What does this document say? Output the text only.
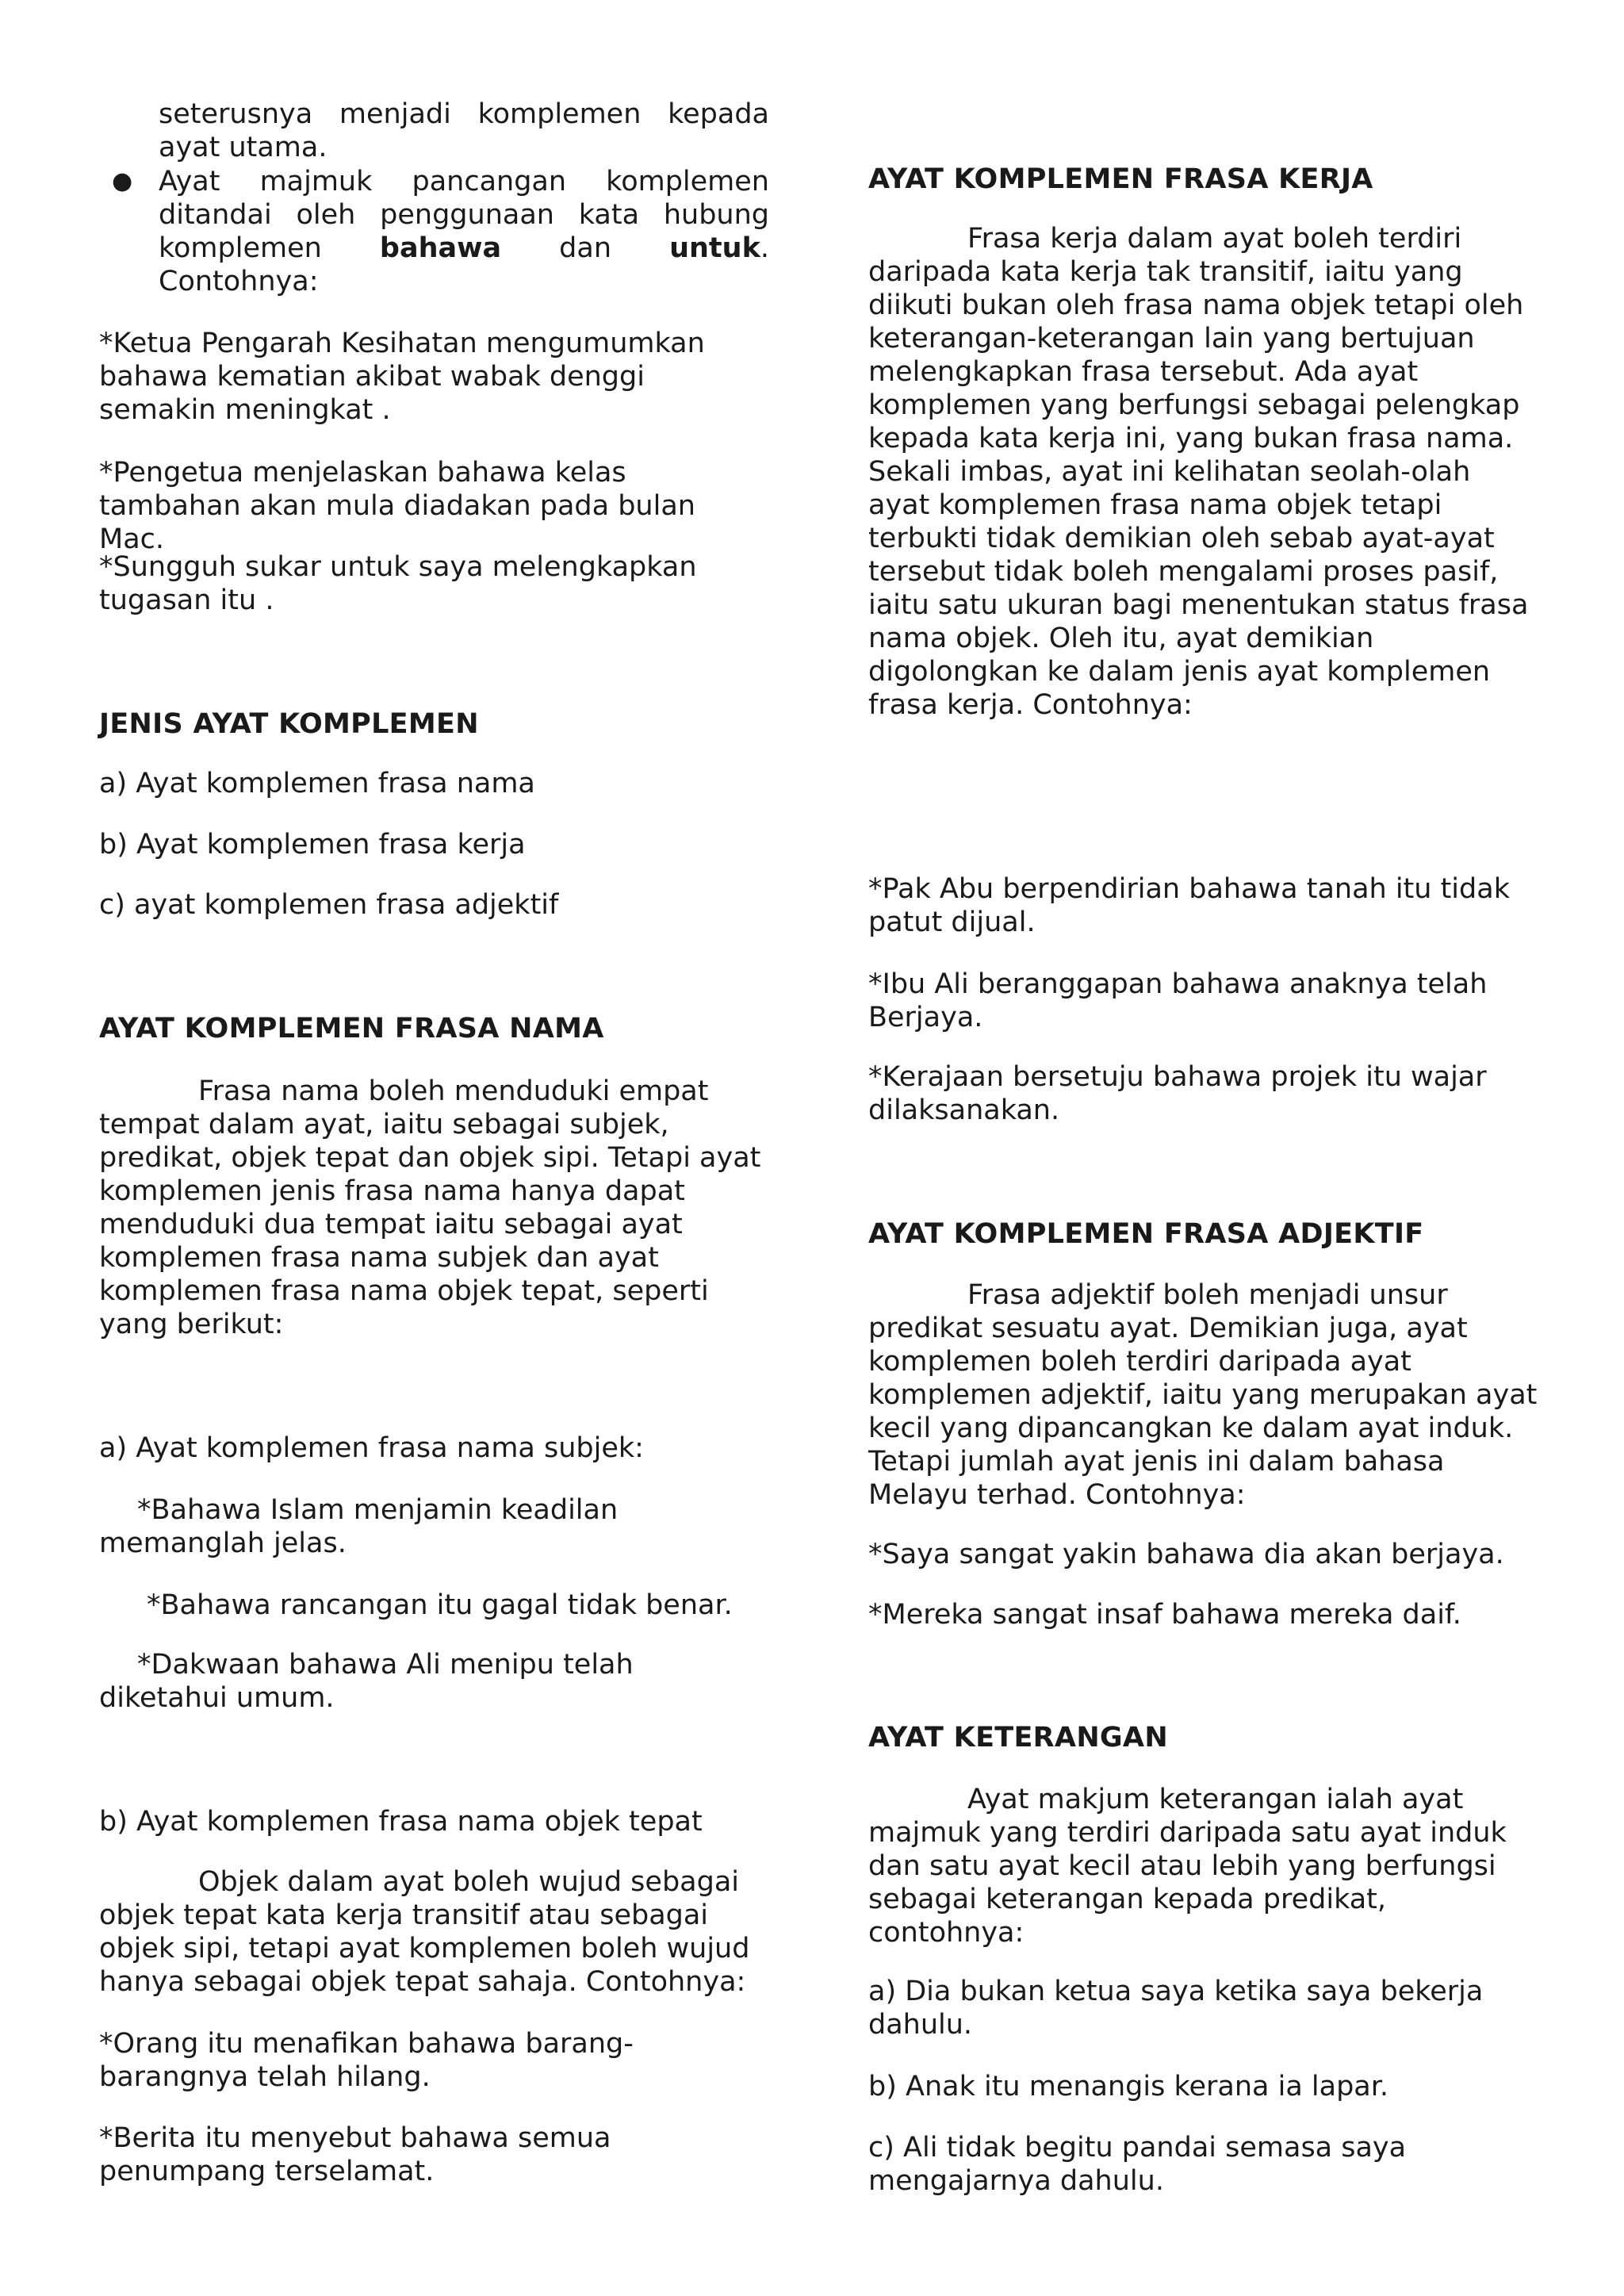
seterusnya menjadi komplemen kepada ayat utama.

● Ayat majmuk pancangan komplemen ditandai oleh penggunaan kata hubung komplemen bahawa dan untuk. Contohnya:

*Ketua Pengarah Kesihatan mengumumkan bahawa kematian akibat wabak denggi semakin meningkat .

*Pengetua menjelaskan bahawa kelas tambahan akan mula diadakan pada bulan Mac.

*Sungguh sukar untuk saya melengkapkan tugasan itu .

JENIS AYAT KOMPLEMEN

a) Ayat komplemen frasa nama

b) Ayat komplemen frasa kerja

c) ayat komplemen frasa adjektif

AYAT KOMPLEMEN FRASA NAMA

Frasa nama boleh menduduki empat tempat dalam ayat, iaitu sebagai subjek, predikat, objek tepat dan objek sipi. Tetapi ayat komplemen jenis frasa nama hanya dapat menduduki dua tempat iaitu sebagai ayat komplemen frasa nama subjek dan ayat komplemen frasa nama objek tepat, seperti yang berikut:

a) Ayat komplemen frasa nama subjek:

*Bahawa Islam menjamin keadilan memanglah jelas.

*Bahawa rancangan itu gagal tidak benar.

*Dakwaan bahawa Ali menipu telah diketahui umum.

b) Ayat komplemen frasa nama objek tepat

Objek dalam ayat boleh wujud sebagai objek tepat kata kerja transitif atau sebagai objek sipi, tetapi ayat komplemen boleh wujud hanya sebagai objek tepat sahaja. Contohnya:

*Orang itu menafikan bahawa barang-barangnya telah hilang.

*Berita itu menyebut bahawa semua penumpang terselamat.

AYAT KOMPLEMEN FRASA KERJA

Frasa kerja dalam ayat boleh terdiri daripada kata kerja tak transitif, iaitu yang diikuti bukan oleh frasa nama objek tetapi oleh keterangan-keterangan lain yang bertujuan melengkapkan frasa tersebut. Ada ayat komplemen yang berfungsi sebagai pelengkap kepada kata kerja ini, yang bukan frasa nama. Sekali imbas, ayat ini kelihatan seolah-olah ayat komplemen frasa nama objek tetapi terbukti tidak demikian oleh sebab ayat-ayat tersebut tidak boleh mengalami proses pasif, iaitu satu ukuran bagi menentukan status frasa nama objek. Oleh itu, ayat demikian digolongkan ke dalam jenis ayat komplemen frasa kerja. Contohnya:

*Pak Abu berpendirian bahawa tanah itu tidak patut dijual.

*Ibu Ali beranggapan bahawa anaknya telah Berjaya.

*Kerajaan bersetuju bahawa projek itu wajar dilaksanakan.

AYAT KOMPLEMEN FRASA ADJEKTIF

Frasa adjektif boleh menjadi unsur predikat sesuatu ayat. Demikian juga, ayat komplemen boleh terdiri daripada ayat komplemen adjektif, iaitu yang merupakan ayat kecil yang dipancangkan ke dalam ayat induk. Tetapi jumlah ayat jenis ini dalam bahasa Melayu terhad. Contohnya:

*Saya sangat yakin bahawa dia akan berjaya.

*Mereka sangat insaf bahawa mereka daif.

AYAT KETERANGAN

Ayat makjum keterangan ialah ayat majmuk yang terdiri daripada satu ayat induk dan satu ayat kecil atau lebih yang berfungsi sebagai keterangan kepada predikat, contohnya:

a) Dia bukan ketua saya ketika saya bekerja dahulu.

b) Anak itu menangis kerana ia lapar.

c) Ali tidak begitu pandai semasa saya mengajarnya dahulu.
